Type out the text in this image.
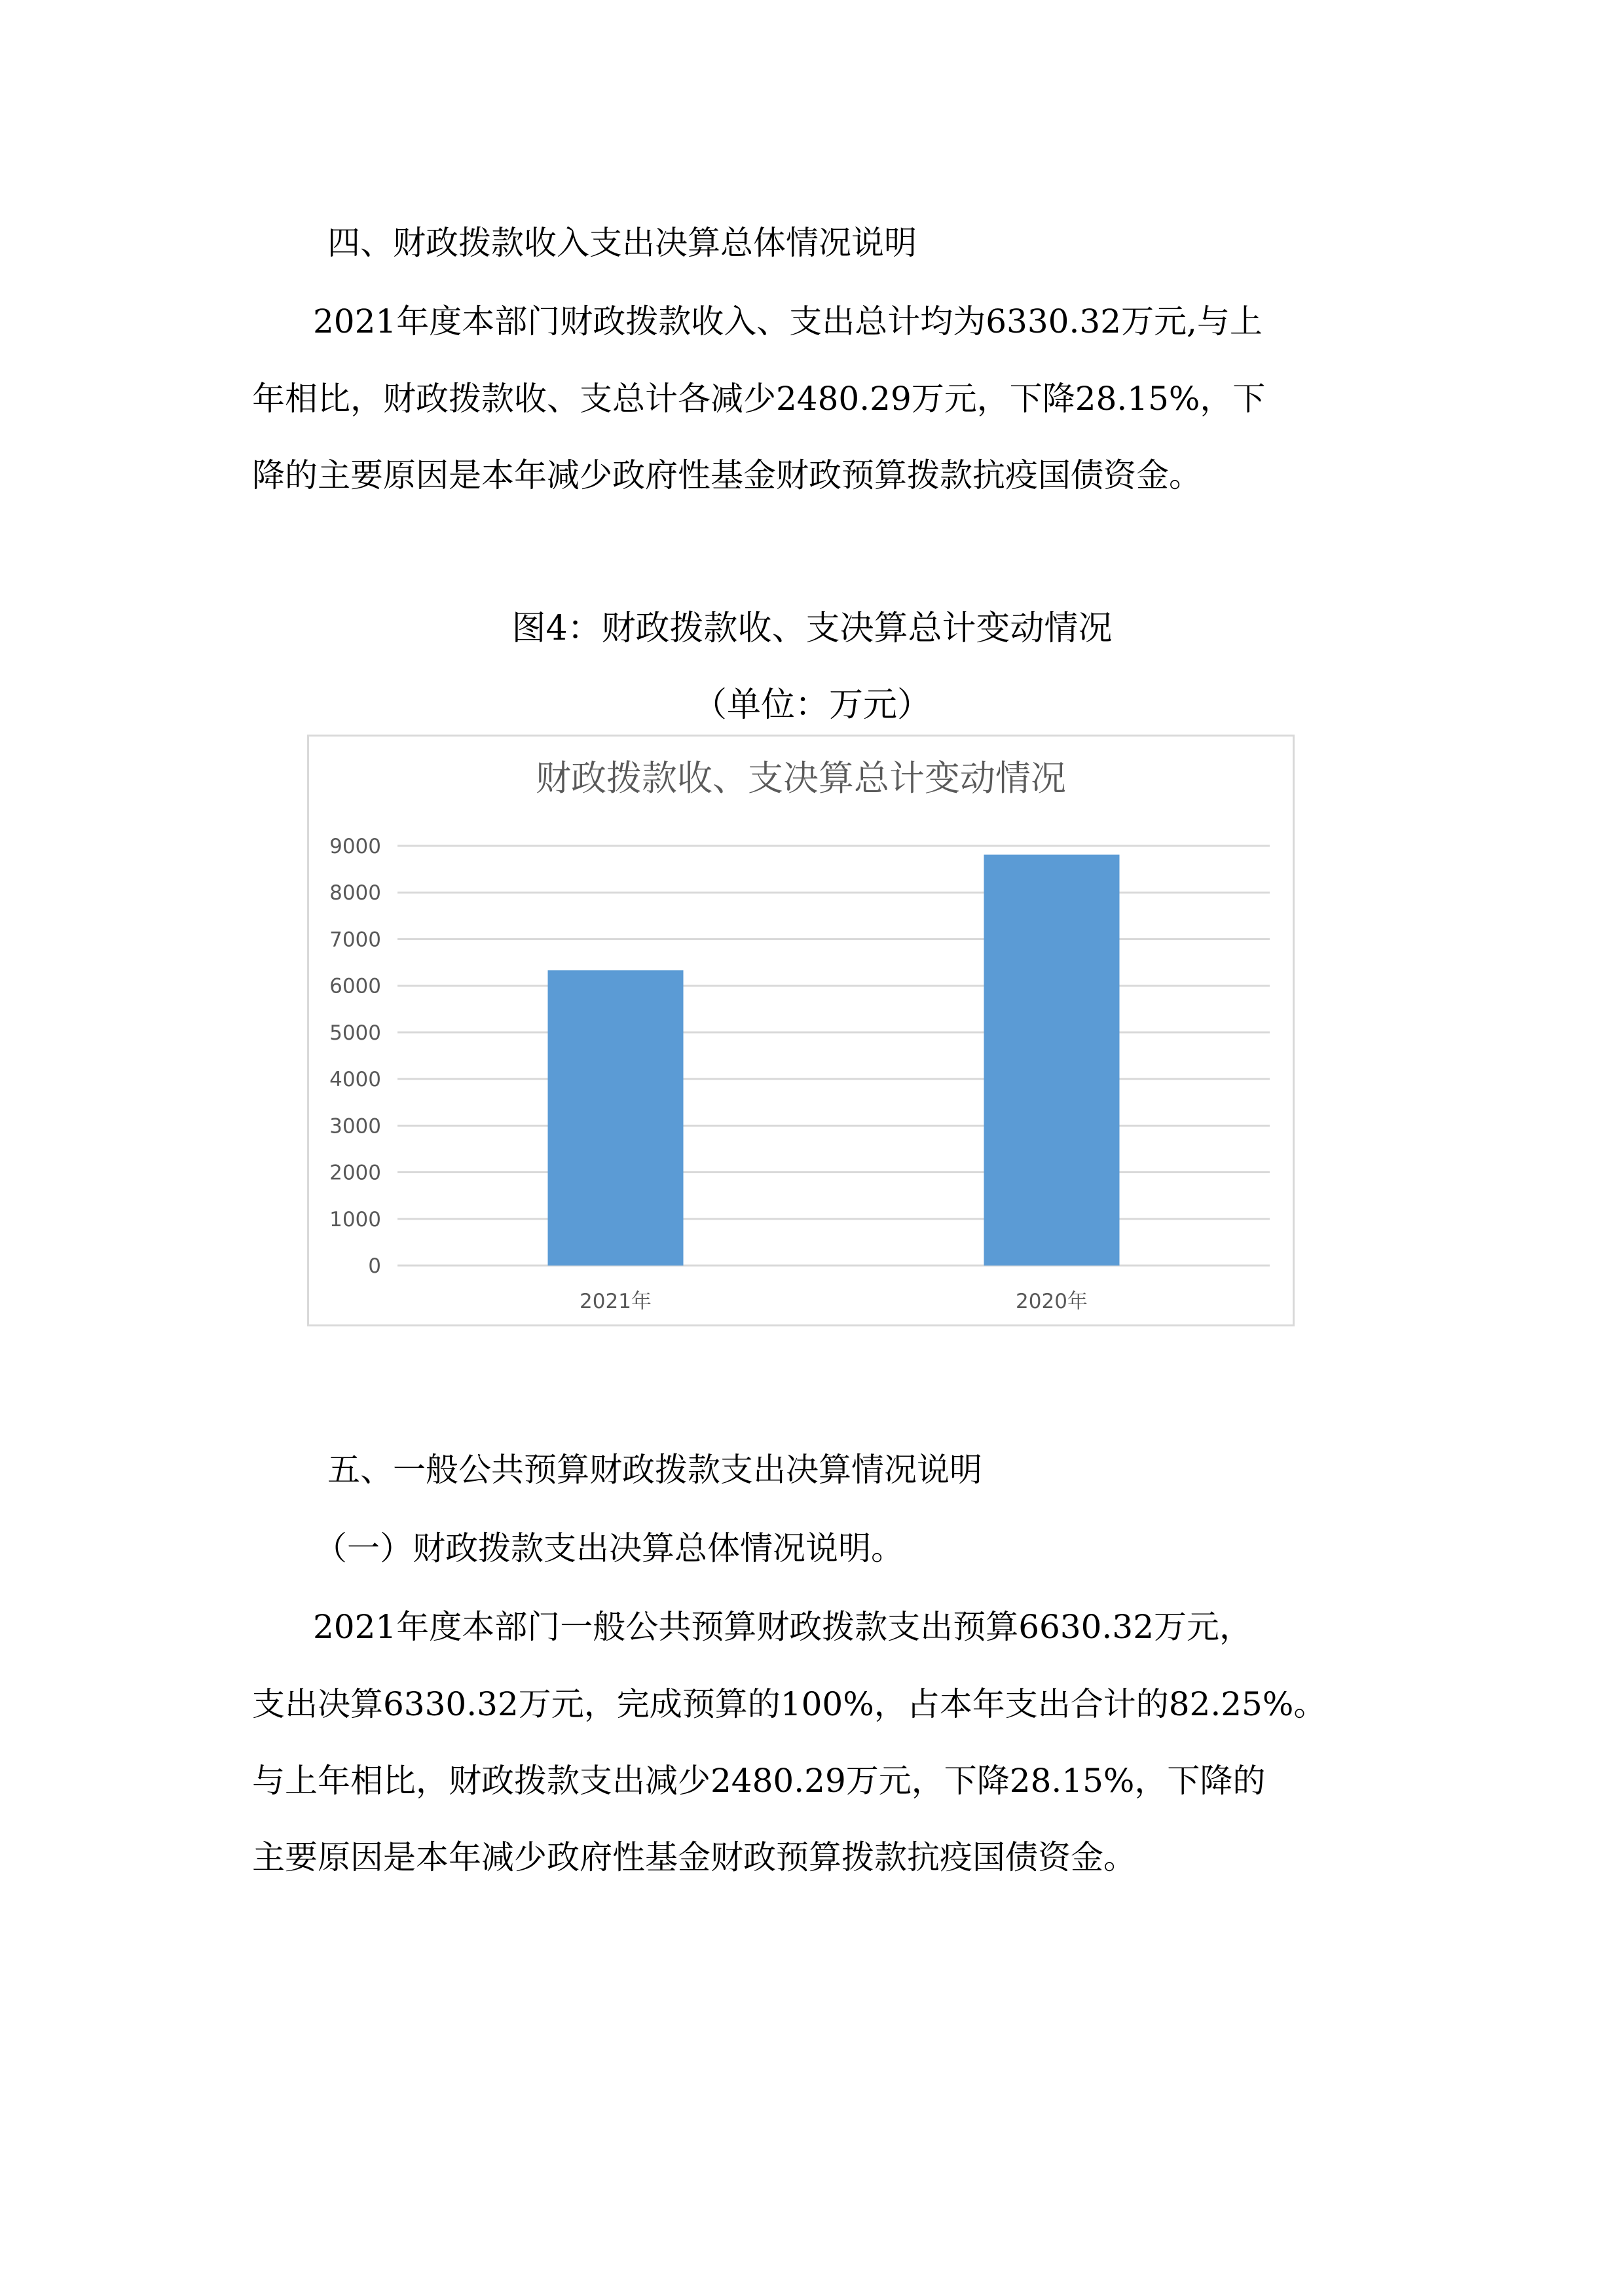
四、财政拨款收入支出决算总体情况说明

2021年度本部门财政拨款收入、支出总计均为6330.32万元,与上

年相比，财政拨款收、支总计各减少2480.29万元，下降28.15%，下

降的主要原因是本年减少政府性基金财政预算拨款抗疫国债资金。

图4：财政拨款收、支决算总计变动情况

（单位：万元）

财政拨款收、支决算总计变动情况
0
1000
2000
3000
4000
5000
6000
7000
8000
9000
2021年	2020年

五、一般公共预算财政拨款支出决算情况说明

（一）财政拨款支出决算总体情况说明。

2021年度本部门一般公共预算财政拨款支出预算6630.32万元，

支出决算6330.32万元，完成预算的100%，占本年支出合计的82.25%。

与上年相比，财政拨款支出减少2480.29万元，下降28.15%，下降的

主要原因是本年减少政府性基金财政预算拨款抗疫国债资金。
